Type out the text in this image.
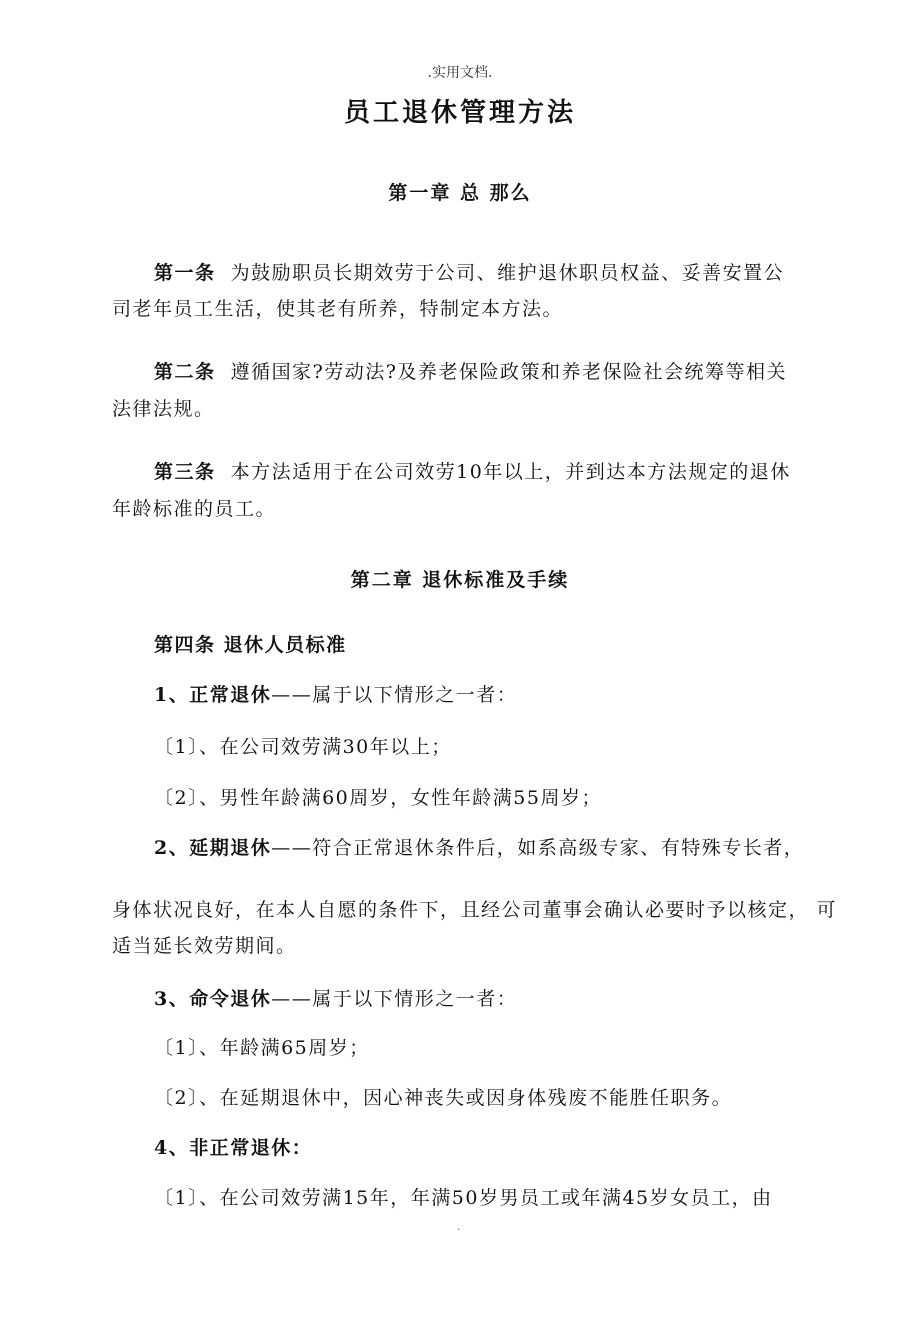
.实用文档.
员工退休管理方法
第一章 总 那么
第一条 为鼓励职员长期效劳于公司、维护退休职员权益、妥善安置公
司老年员工生活，使其老有所养，特制定本方法。
第二条 遵循国家?劳动法?及养老保险政策和养老保险社会统筹等相关
法律法规。
第三条 本方法适用于在公司效劳10年以上，并到达本方法规定的退休
年龄标准的员工。
第二章 退休标准及手续
第四条 退休人员标准
1、正常退休——属于以下情形之一者：
〔1〕、在公司效劳满30年以上；
〔2〕、男性年龄满60周岁，女性年龄满55周岁；
2、延期退休——符合正常退休条件后，如系高级专家、有特殊专长者，
身体状况良好，在本人自愿的条件下，且经公司董事会确认必要时予以核定， 可
适当延长效劳期间。
3、命令退休——属于以下情形之一者：
〔1〕、年龄满65周岁；
〔2〕、在延期退休中，因心神丧失或因身体残废不能胜任职务。
4、非正常退休：
〔1〕、在公司效劳满15年，年满50岁男员工或年满45岁女员工，由
.
